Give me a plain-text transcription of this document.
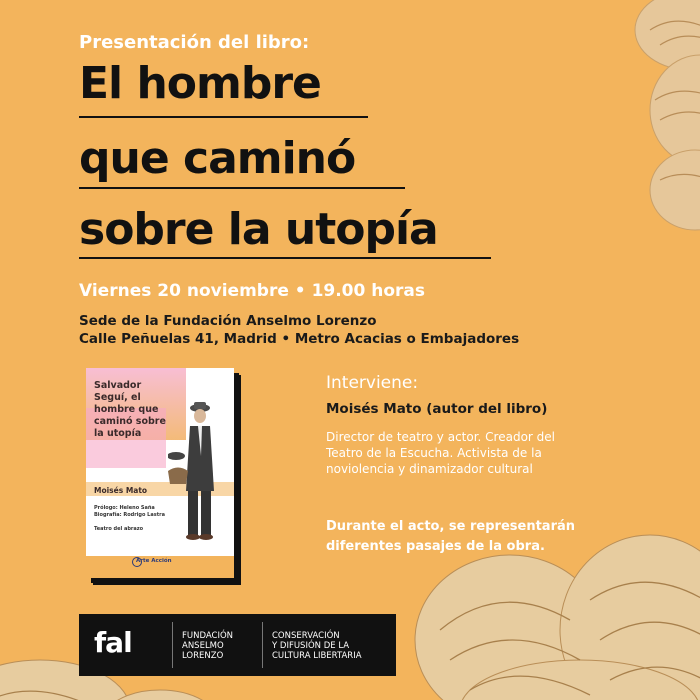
Presentación del libro:

El hombre

que caminó

sobre la utopía

Viernes 20 noviembre • 19.00 horas

Sede de la Fundación Anselmo Lorenzo

Calle Peñuelas 41, Madrid • Metro Acacias o Embajadores

Salvador
Seguí, el
hombre que
caminó sobre
la utopía

Moisés Mato

Prólogo: Heleno Saña
Biografía: Rodrigo Lastra

Teatro del abrazo

Arte Acción

Interviene:

Moisés Mato (autor del libro)

Director de teatro y actor. Creador del

Teatro de la Escucha. Activista de la

noviolencia y dinamizador cultural

Durante el acto, se representarán

diferentes pasajes de la obra.

fal	FUNDACIÓN
ANSELMO
LORENZO

CONSERVACIÓN
Y DIFUSIÓN DE LA
CULTURA LIBERTARIA
